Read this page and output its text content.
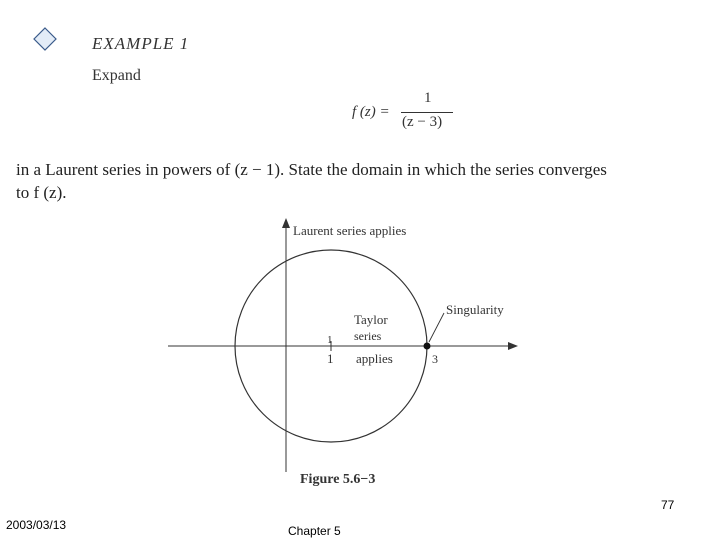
EXAMPLE 1
Expand
f (z) =
1
(z − 3)

in a Laurent series in powers of (z − 1). State the domain in which the series converges

to f (z).

Laurent series applies
Taylor
series
applies
Singularity
1
1	3
Figure 5.6−3
77
2003/03/13	Chapter 5
